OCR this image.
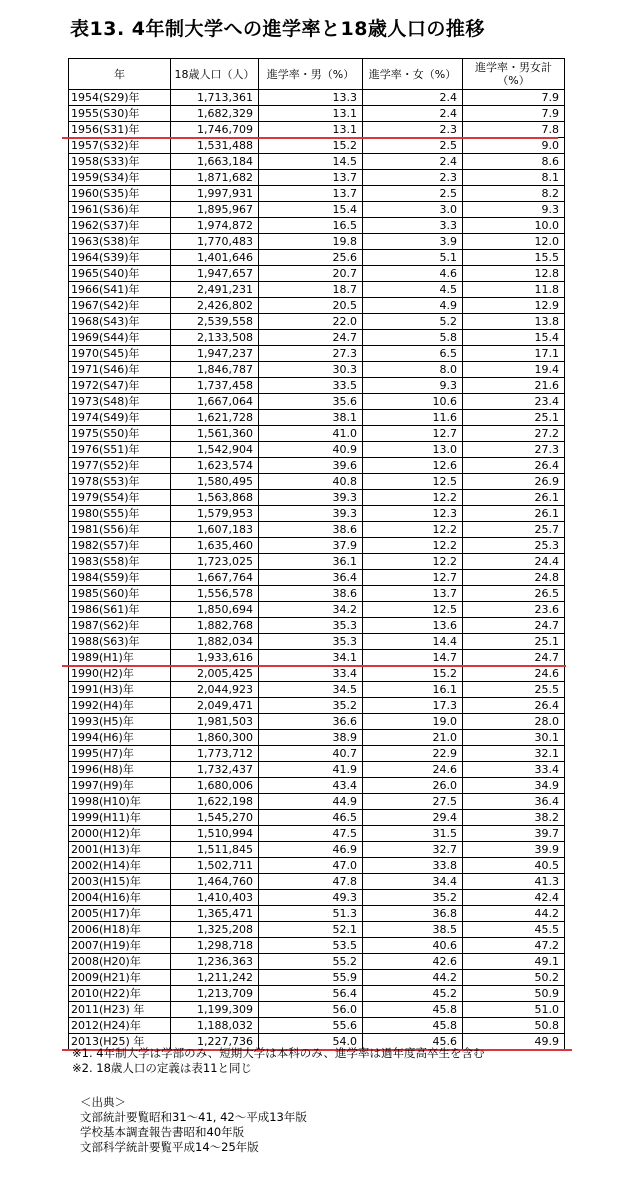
表13. 4年制大学への進学率と18歳人口の推移
年	18歳人口（人）	進学率・男（%）	進学率・女（%）	進学率・男女計（%）
1954(S29)年	1,713,361	13.3	2.4	7.9
1955(S30)年	1,682,329	13.1	2.4	7.9
1956(S31)年	1,746,709	13.1	2.3	7.8
1957(S32)年	1,531,488	15.2	2.5	9.0
1958(S33)年	1,663,184	14.5	2.4	8.6
1959(S34)年	1,871,682	13.7	2.3	8.1
1960(S35)年	1,997,931	13.7	2.5	8.2
1961(S36)年	1,895,967	15.4	3.0	9.3
1962(S37)年	1,974,872	16.5	3.3	10.0
1963(S38)年	1,770,483	19.8	3.9	12.0
1964(S39)年	1,401,646	25.6	5.1	15.5
1965(S40)年	1,947,657	20.7	4.6	12.8
1966(S41)年	2,491,231	18.7	4.5	11.8
1967(S42)年	2,426,802	20.5	4.9	12.9
1968(S43)年	2,539,558	22.0	5.2	13.8
1969(S44)年	2,133,508	24.7	5.8	15.4
1970(S45)年	1,947,237	27.3	6.5	17.1
1971(S46)年	1,846,787	30.3	8.0	19.4
1972(S47)年	1,737,458	33.5	9.3	21.6
1973(S48)年	1,667,064	35.6	10.6	23.4
1974(S49)年	1,621,728	38.1	11.6	25.1
1975(S50)年	1,561,360	41.0	12.7	27.2
1976(S51)年	1,542,904	40.9	13.0	27.3
1977(S52)年	1,623,574	39.6	12.6	26.4
1978(S53)年	1,580,495	40.8	12.5	26.9
1979(S54)年	1,563,868	39.3	12.2	26.1
1980(S55)年	1,579,953	39.3	12.3	26.1
1981(S56)年	1,607,183	38.6	12.2	25.7
1982(S57)年	1,635,460	37.9	12.2	25.3
1983(S58)年	1,723,025	36.1	12.2	24.4
1984(S59)年	1,667,764	36.4	12.7	24.8
1985(S60)年	1,556,578	38.6	13.7	26.5
1986(S61)年	1,850,694	34.2	12.5	23.6
1987(S62)年	1,882,768	35.3	13.6	24.7
1988(S63)年	1,882,034	35.3	14.4	25.1
1989(H1)年	1,933,616	34.1	14.7	24.7
1990(H2)年	2,005,425	33.4	15.2	24.6
1991(H3)年	2,044,923	34.5	16.1	25.5
1992(H4)年	2,049,471	35.2	17.3	26.4
1993(H5)年	1,981,503	36.6	19.0	28.0
1994(H6)年	1,860,300	38.9	21.0	30.1
1995(H7)年	1,773,712	40.7	22.9	32.1
1996(H8)年	1,732,437	41.9	24.6	33.4
1997(H9)年	1,680,006	43.4	26.0	34.9
1998(H10)年	1,622,198	44.9	27.5	36.4
1999(H11)年	1,545,270	46.5	29.4	38.2
2000(H12)年	1,510,994	47.5	31.5	39.7
2001(H13)年	1,511,845	46.9	32.7	39.9
2002(H14)年	1,502,711	47.0	33.8	40.5
2003(H15)年	1,464,760	47.8	34.4	41.3
2004(H16)年	1,410,403	49.3	35.2	42.4
2005(H17)年	1,365,471	51.3	36.8	44.2
2006(H18)年	1,325,208	52.1	38.5	45.5
2007(H19)年	1,298,718	53.5	40.6	47.2
2008(H20)年	1,236,363	55.2	42.6	49.1
2009(H21)年	1,211,242	55.9	44.2	50.2
2010(H22)年	1,213,709	56.4	45.2	50.9
2011(H23) 年	1,199,309	56.0	45.8	51.0
2012(H24)年	1,188,032	55.6	45.8	50.8
2013(H25) 年	1,227,736	54.0	45.6	49.9
※1. 4年制大学は学部のみ、短期大学は本科のみ、進学率は過年度高卒生を含む
※2. 18歳人口の定義は表11と同じ
＜出典＞
文部統計要覧昭和31～41, 42～平成13年版
学校基本調査報告書昭和40年版
文部科学統計要覧平成14～25年版
